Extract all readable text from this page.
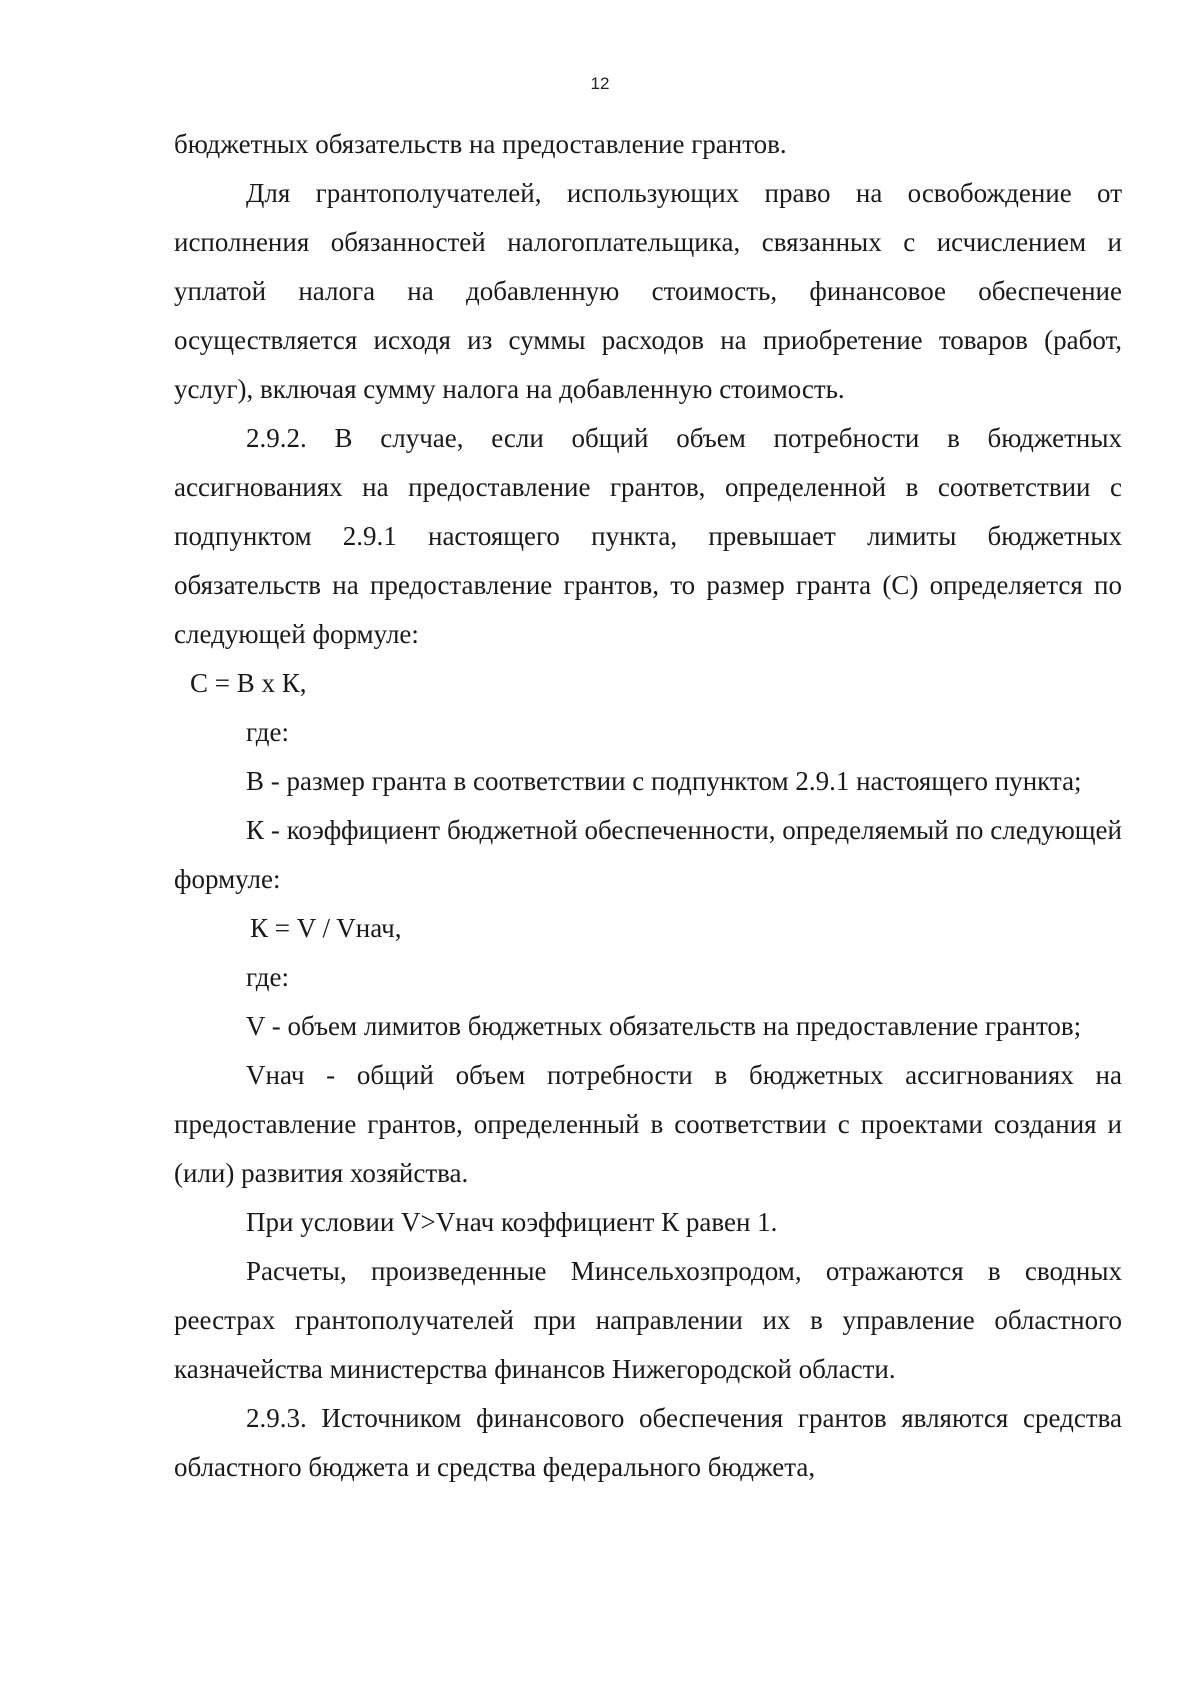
12

бюджетных обязательств на предоставление грантов.

Для грантополучателей, использующих право на освобождение от исполнения обязанностей налогоплательщика, связанных с исчислением и уплатой налога на добавленную стоимость, финансовое обеспечение осуществляется исходя из суммы расходов на приобретение товаров (работ, услуг), включая сумму налога на добавленную стоимость.

2.9.2. В случае, если общий объем потребности в бюджетных ассигнованиях на предоставление грантов, определенной в соответствии с подпунктом 2.9.1 настоящего пункта, превышает лимиты бюджетных обязательств на предоставление грантов, то размер гранта (С) определяется по следующей формуле:

С = В х К,

где:

В - размер гранта в соответствии с подпунктом 2.9.1 настоящего пункта;

К - коэффициент бюджетной обеспеченности, определяемый по следующей формуле:

К = V / Vнач,

где:

V - объем лимитов бюджетных обязательств на предоставление грантов;

Vнач - общий объем потребности в бюджетных ассигнованиях на предоставление грантов, определенный в соответствии с проектами создания и (или) развития хозяйства.

При условии V>Vнач коэффициент К равен 1.

Расчеты, произведенные Минсельхозпродом, отражаются в сводных реестрах грантополучателей при направлении их в управление областного казначейства министерства финансов Нижегородской области.

2.9.3. Источником финансового обеспечения грантов являются средства областного бюджета и средства федерального бюджета,
